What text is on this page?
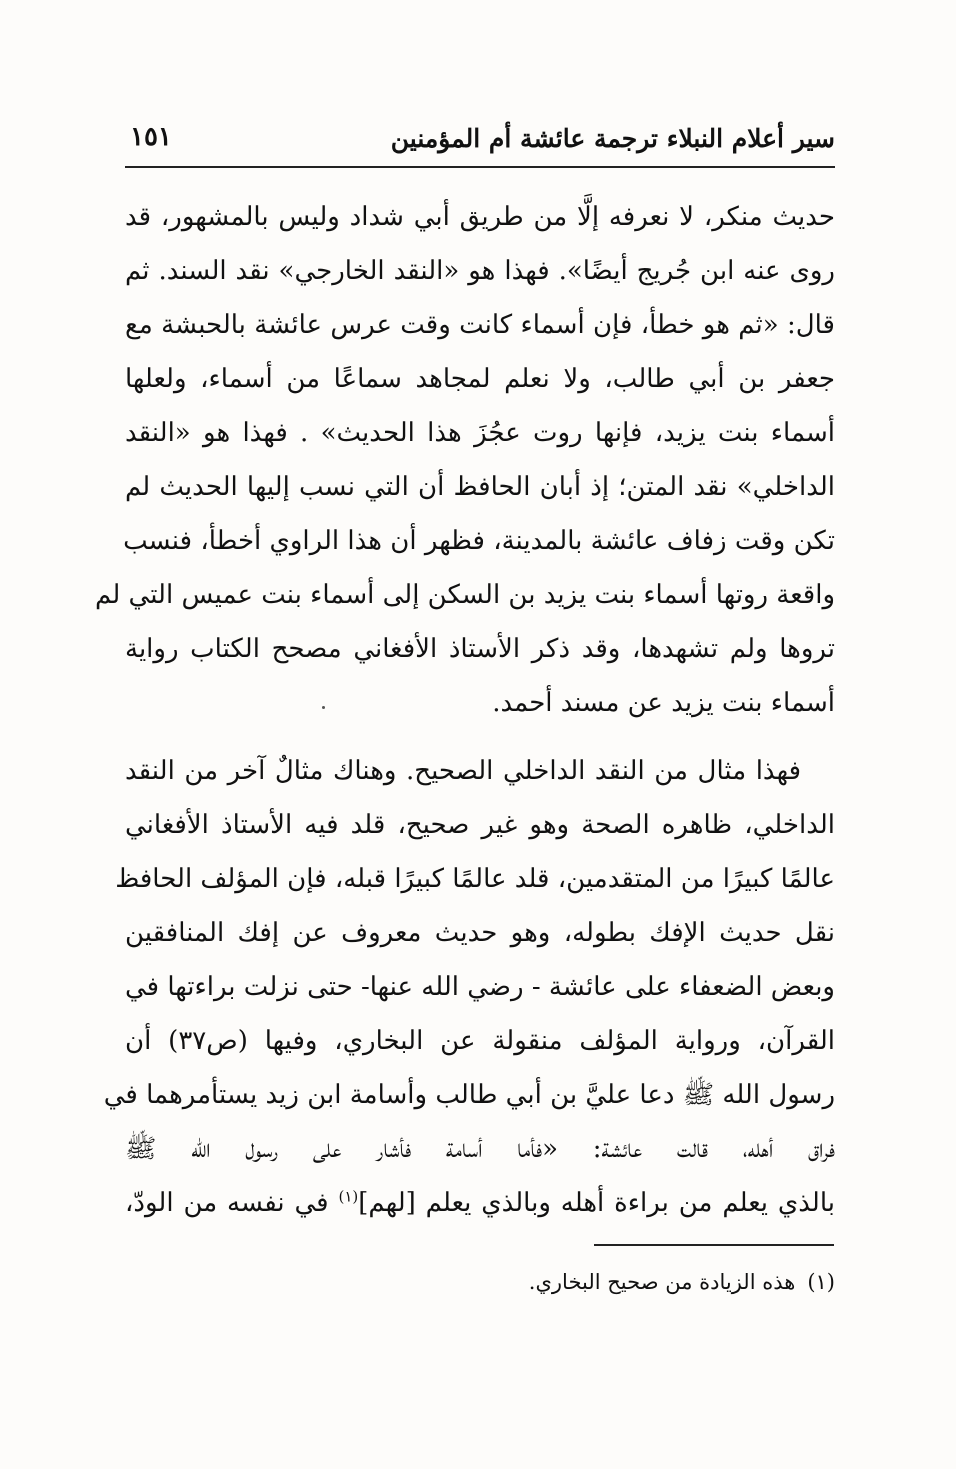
سير أعلام النبلاء ترجمة عائشة أم المؤمنين
١٥١
حديث منكر، لا نعرفه إلَّا من طريق أبي شداد وليس بالمشهور، قد
روى عنه ابن جُريج أيضًا». فهذا هو «النقد الخارجي» نقد السند. ثم
قال: «ثم هو خطأ، فإن أسماء كانت وقت عرس عائشة بالحبشة مع
جعفر بن أبي طالب، ولا نعلم لمجاهد سماعًا من أسماء، ولعلها
أسماء بنت يزيد، فإنها روت عجُزَ هذا الحديث» . فهذا هو «النقد
الداخلي» نقد المتن؛ إذ أبان الحافظ أن التي نسب إليها الحديث لم
تكن وقت زفاف عائشة بالمدينة، فظهر أن هذا الراوي أخطأ، فنسب
واقعة روتها أسماء بنت يزيد بن السكن إلى أسماء بنت عميس التي لم
تروها ولم تشهدها، وقد ذكر الأستاذ الأفغاني مصحح الكتاب رواية
أسماء بنت يزيد عن مسند أحمد.
فهذا مثال من النقد الداخلي الصحيح. وهناك مثالٌ آخر من النقد
الداخلي، ظاهره الصحة وهو غير صحيح، قلد فيه الأستاذ الأفغاني
عالمًا كبيرًا من المتقدمين، قلد عالمًا كبيرًا قبله، فإن المؤلف الحافظ
نقل حديث الإفك بطوله، وهو حديث معروف عن إفك المنافقين
وبعض الضعفاء على عائشة - رضي الله عنها- حتى نزلت براءتها في
القرآن، ورواية المؤلف منقولة عن البخاري، وفيها (ص٣٧) أن
رسول الله ﷺ دعا عليَّ بن أبي طالب وأسامة ابن زيد يستأمرهما في
فراق أهله، قالت عائشة: «فأما أسامة فأشار على رسول الله ﷺ
بالذي يعلم من براءة أهله وبالذي يعلم [لهم]$^{(١)}$ في نفسه من الودّ،
(١)هذه الزيادة من صحيح البخاري.
